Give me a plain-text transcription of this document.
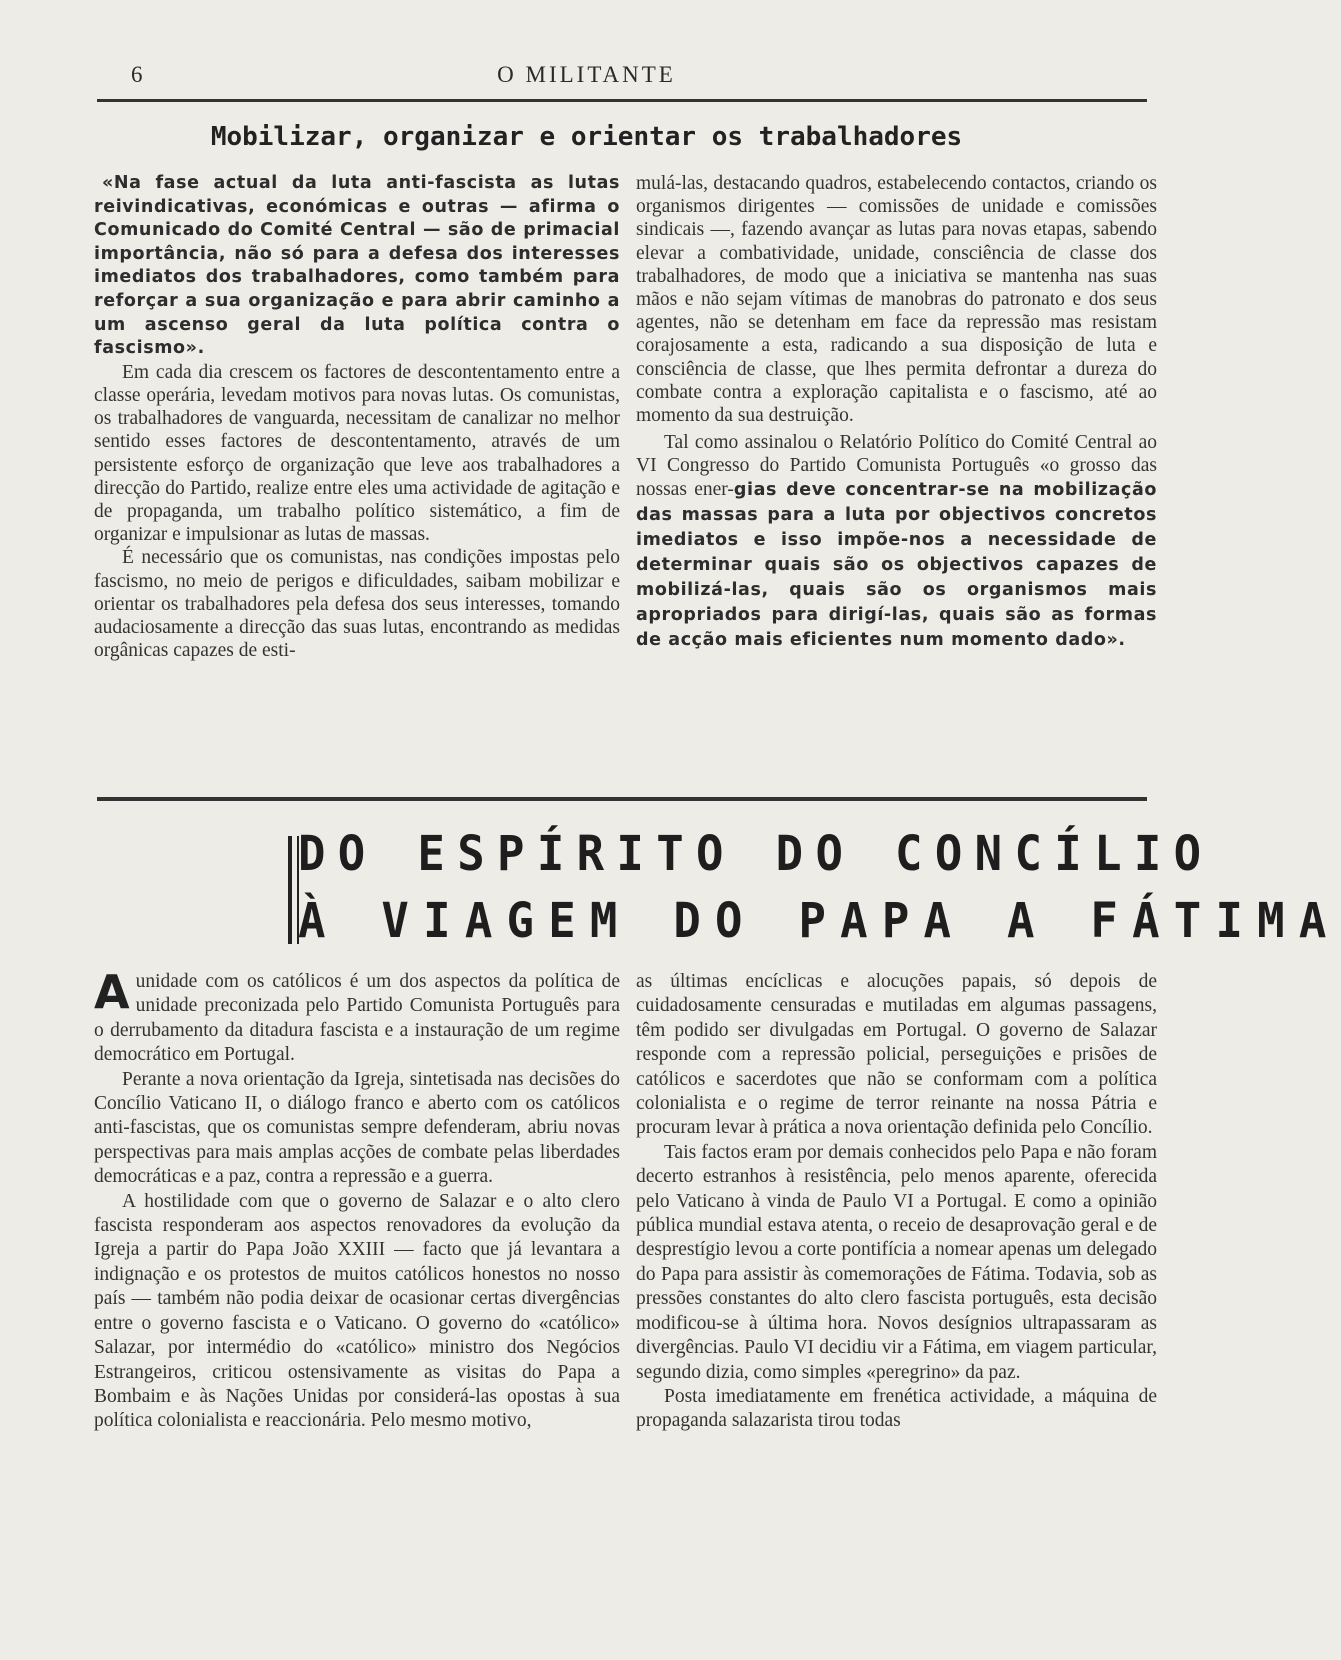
6	O MILITANTE
Mobilizar, organizar e orientar os trabalhadores

«Na fase actual da luta anti-fascista as lutas reivindicativas, económicas e outras — afirma o Comunicado do Comité Central — são de primacial importância, não só para a defesa dos interesses imediatos dos trabalhadores, como também para reforçar a sua organização e para abrir caminho a um ascenso geral da luta política contra o fascismo».

Em cada dia crescem os factores de descontentamento entre a classe operária, levedam motivos para novas lutas. Os comunistas, os trabalhadores de vanguarda, necessitam de canalizar no melhor sentido esses factores de descontentamento, através de um persistente esforço de organização que leve aos trabalhadores a direcção do Partido, realize entre eles uma actividade de agitação e de propaganda, um trabalho político sistemático, a fim de organizar e impulsionar as lutas de massas.

É necessário que os comunistas, nas condições impostas pelo fascismo, no meio de perigos e dificuldades, saibam mobilizar e orientar os trabalhadores pela defesa dos seus interesses, tomando audaciosamente a direcção das suas lutas, encontrando as medidas orgânicas capazes de esti-

mulá-las, destacando quadros, estabelecendo contactos, criando os organismos dirigentes — comissões de unidade e comissões sindicais —, fazendo avançar as lutas para novas etapas, sabendo elevar a combatividade, unidade, consciência de classe dos trabalhadores, de modo que a iniciativa se mantenha nas suas mãos e não sejam vítimas de manobras do patronato e dos seus agentes, não se detenham em face da repressão mas resistam corajosamente a esta, radicando a sua disposição de luta e consciência de classe, que lhes permita defrontar a dureza do combate contra a exploração capitalista e o fascismo, até ao momento da sua destruição.

Tal como assinalou o Relatório Político do Comité Central ao VI Congresso do Partido Comunista Português «o grosso das nossas ener-gias deve concentrar-se na mobilização das massas para a luta por objectivos concretos imediatos e isso impõe-nos a necessidade de determinar quais são os objectivos capazes de mobilizá-las, quais são os organismos mais apropriados para dirigí-las, quais são as formas de acção mais eficientes num momento dado».

DO ESPÍRITO DO CONCÍLIO
À VIAGEM DO PAPA A FÁTIMA

Aunidade com os católicos é um dos aspectos da política de unidade preconizada pelo Partido Comunista Português para o derrubamento da ditadura fascista e a instauração de um regime democrático em Portugal.

Perante a nova orientação da Igreja, sintetisada nas decisões do Concílio Vaticano II, o diálogo franco e aberto com os católicos anti-fascistas, que os comunistas sempre defenderam, abriu novas perspectivas para mais amplas acções de combate pelas liberdades democráticas e a paz, contra a repressão e a guerra.

A hostilidade com que o governo de Salazar e o alto clero fascista responderam aos aspectos renovadores da evolução da Igreja a partir do Papa João XXIII — facto que já levantara a indignação e os protestos de muitos católicos honestos no nosso país — também não podia deixar de ocasionar certas divergências entre o governo fascista e o Vaticano. O governo do «católico» Salazar, por intermédio do «católico» ministro dos Negócios Estrangeiros, criticou ostensivamente as visitas do Papa a Bombaim e às Nações Unidas por considerá-las opostas à sua política colonialista e reaccionária. Pelo mesmo motivo,

as últimas encíclicas e alocuções papais, só depois de cuidadosamente censuradas e mutiladas em algumas passagens, têm podido ser divulgadas em Portugal. O governo de Salazar responde com a repressão policial, perseguições e prisões de católicos e sacerdotes que não se conformam com a política colonialista e o regime de terror reinante na nossa Pátria e procuram levar à prática a nova orientação definida pelo Concílio.

Tais factos eram por demais conhecidos pelo Papa e não foram decerto estranhos à resistência, pelo menos aparente, oferecida pelo Vaticano à vinda de Paulo VI a Portugal. E como a opinião pública mundial estava atenta, o receio de desaprovação geral e de desprestígio levou a corte pontifícia a nomear apenas um delegado do Papa para assistir às comemorações de Fátima. Todavia, sob as pressões constantes do alto clero fascista português, esta decisão modificou-se à última hora. Novos desígnios ultrapassaram as divergências. Paulo VI decidiu vir a Fátima, em viagem particular, segundo dizia, como simples «peregrino» da paz.

Posta imediatamente em frenética actividade, a máquina de propaganda salazarista tirou todas
